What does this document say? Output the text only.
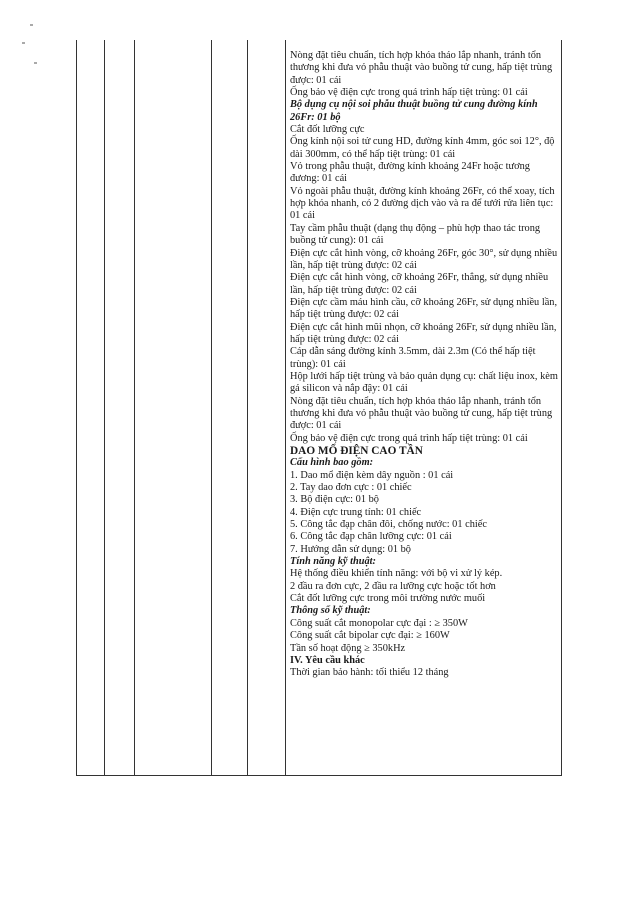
Nòng đặt tiêu chuẩn, tích hợp khóa tháo lắp nhanh, tránh tổn thương khi đưa vỏ phẫu thuật vào buồng tử cung, hấp tiệt trùng được: 01 cái
Ống bảo vệ điện cực trong quá trình hấp tiệt trùng: 01 cái
Bộ dụng cụ nội soi phẫu thuật buồng tử cung đường kính 26Fr: 01 bộ
Cắt đốt lưỡng cực
Ống kính nội soi tử cung HD, đường kính 4mm, góc soi 12°, độ dài 300mm, có thể hấp tiệt trùng: 01 cái
Vỏ trong phẫu thuật, đường kính khoảng 24Fr hoặc tương đương: 01 cái
Vỏ ngoài phẫu thuật, đường kính khoảng 26Fr, có thể xoay, tích hợp khóa nhanh, có 2 đường dịch vào và ra để tưới rửa liên tục: 01 cái
Tay cầm phẫu thuật (dạng thụ động – phù hợp thao tác trong buồng tử cung): 01 cái
Điện cực cắt hình vòng, cỡ khoảng 26Fr, góc 30°, sử dụng nhiều lần, hấp tiệt trùng được: 02 cái
Điện cực cắt hình vòng, cỡ khoảng 26Fr, thẳng, sử dụng nhiều lần, hấp tiệt trùng được: 02 cái
Điện cực cầm máu hình cầu, cỡ khoảng 26Fr, sử dụng nhiều lần, hấp tiệt trùng được: 02 cái
Điện cực cắt hình mũi nhọn, cỡ khoảng 26Fr, sử dụng nhiều lần, hấp tiệt trùng được: 02 cái
Cáp dẫn sáng đường kính 3.5mm, dài 2.3m (Có thể hấp tiệt trùng): 01 cái
Hộp lưới hấp tiệt trùng và bảo quản dụng cụ: chất liệu inox, kèm gá silicon và nắp đậy: 01 cái
Nòng đặt tiêu chuẩn, tích hợp khóa tháo lắp nhanh, tránh tổn thương khi đưa vỏ phẫu thuật vào buồng tử cung, hấp tiệt trùng được: 01 cái
Ống bảo vệ điện cực trong quá trình hấp tiệt trùng: 01 cái
DAO MỔ ĐIỆN CAO TẦN
Cấu hình bao gồm:
1. Dao mổ điện kèm dây nguồn : 01 cái
2. Tay dao đơn cực : 01 chiếc
3. Bộ điện cực: 01 bộ
4. Điện cực trung tính: 01 chiếc
5. Công tắc đạp chân đôi, chống nước: 01 chiếc
6. Công tắc đạp chân lưỡng cực: 01 cái
7. Hướng dẫn sử dụng: 01 bộ
Tính năng kỹ thuật:
Hệ thống điều khiển tính năng: với bộ vi xử lý kép.
2 đầu ra đơn cực, 2 đầu ra lưỡng cực hoặc tốt hơn
Cắt đốt lưỡng cực trong môi trường nước muối
Thông số kỹ thuật:
Công suất cắt monopolar cực đại : ≥ 350W
Công suất cắt bipolar cực đại: ≥ 160W
Tần số hoạt động ≥ 350kHz
IV. Yêu cầu khác
Thời gian bảo hành: tối thiểu 12 tháng
